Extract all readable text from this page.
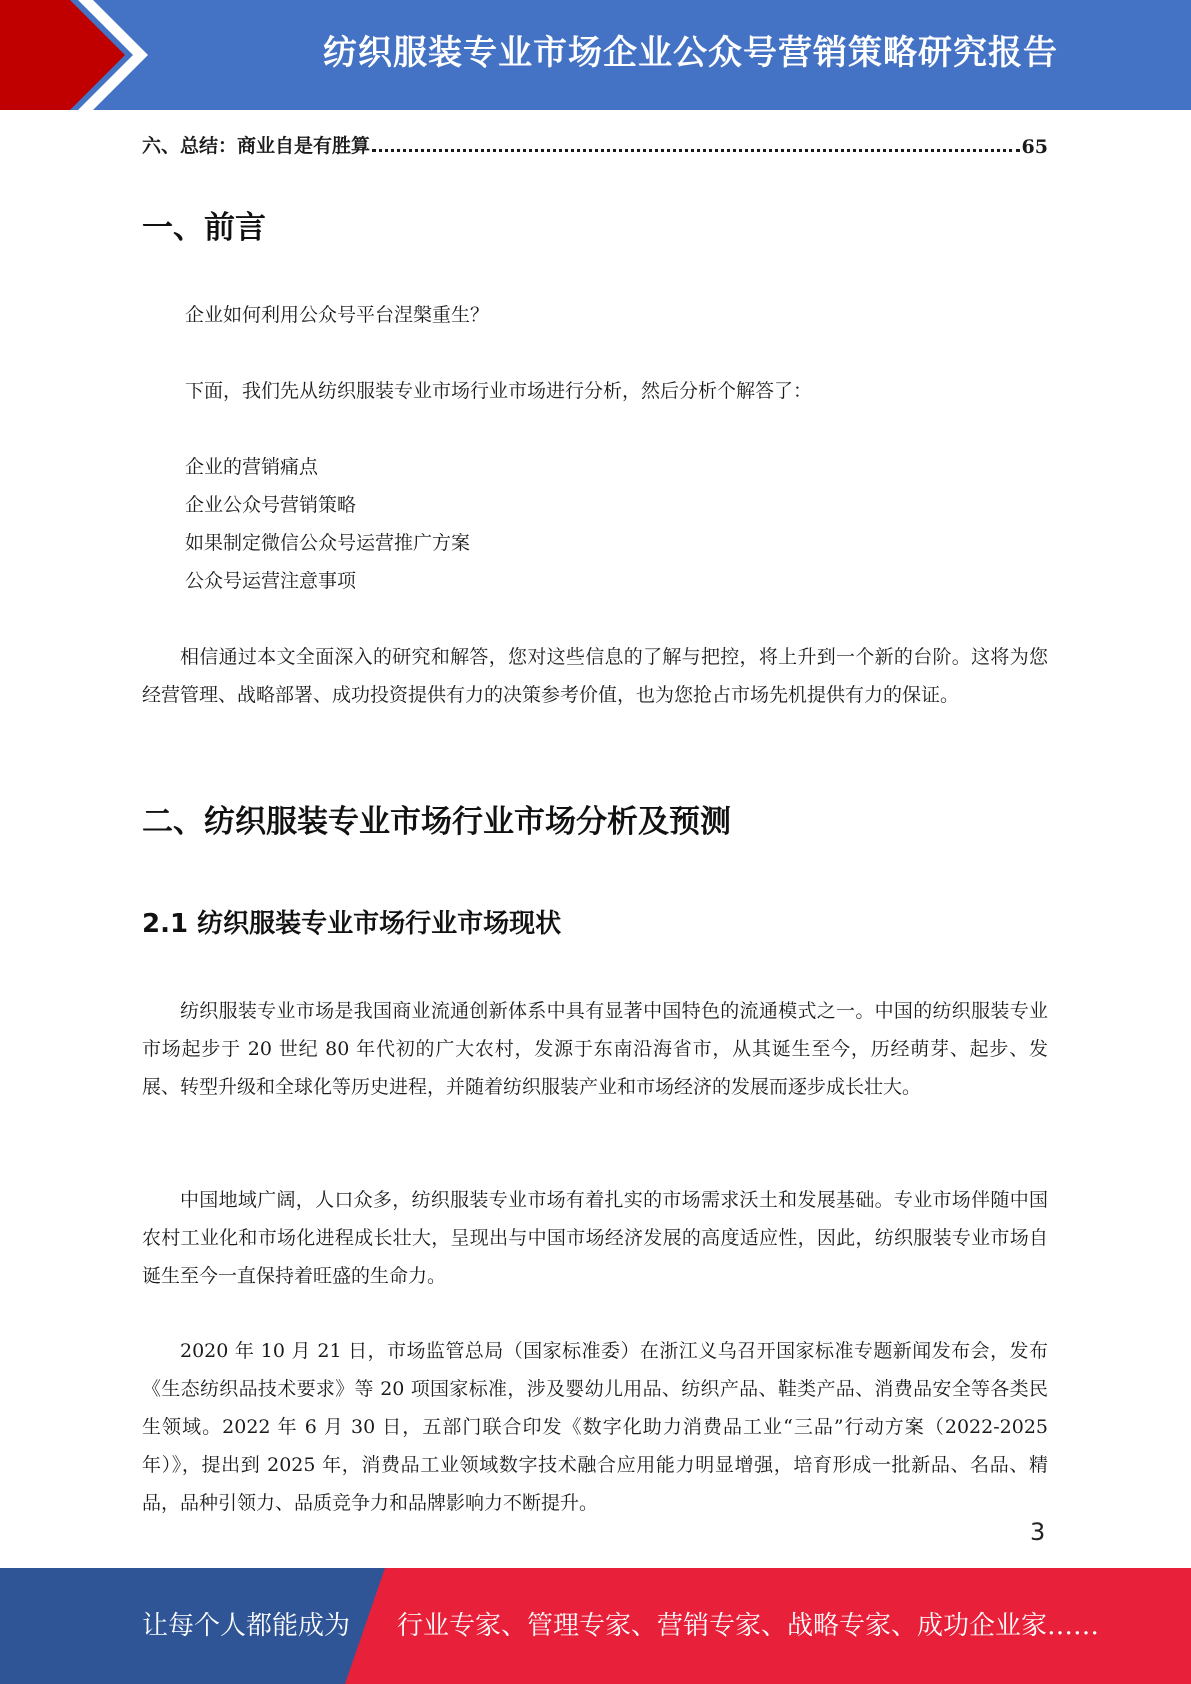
纺织服装专业市场企业公众号营销策略研究报告
六、总结：商业自是有胜算	65
一、前言
企业如何利用公众号平台涅槃重生？
下面，我们先从纺织服装专业市场行业市场进行分析，然后分析个解答了：
企业的营销痛点
企业公众号营销策略
如果制定微信公众号运营推广方案
公众号运营注意事项

相信通过本文全面深入的研究和解答，您对这些信息的了解与把控，将上升到一个新的台阶。这将为您经营管理、战略部署、成功投资提供有力的决策参考价值，也为您抢占市场先机提供有力的保证。

二、纺织服装专业市场行业市场分析及预测
2.1 纺织服装专业市场行业市场现状

纺织服装专业市场是我国商业流通创新体系中具有显著中国特色的流通模式之一。中国的纺织服装专业市场起步于 20 世纪 80 年代初的广大农村，发源于东南沿海省市，从其诞生至今，历经萌芽、起步、发展、转型升级和全球化等历史进程，并随着纺织服装产业和市场经济的发展而逐步成长壮大。

中国地域广阔，人口众多，纺织服装专业市场有着扎实的市场需求沃土和发展基础。专业市场伴随中国农村工业化和市场化进程成长壮大，呈现出与中国市场经济发展的高度适应性，因此，纺织服装专业市场自诞生至今一直保持着旺盛的生命力。

2020 年 10 月 21 日，市场监管总局（国家标准委）在浙江义乌召开国家标准专题新闻发布会，发布《生态纺织品技术要求》等 20 项国家标准，涉及婴幼儿用品、纺织产品、鞋类产品、消费品安全等各类民生领域。2022 年 6 月 30 日，五部门联合印发《数字化助力消费品工业“三品”行动方案（2022-2025 年）》，提出到 2025 年，消费品工业领域数字技术融合应用能力明显增强，培育形成一批新品、名品、精品，品种引领力、品质竞争力和品牌影响力不断提升。

3
让每个人都能成为 行业专家、管理专家、营销专家、战略专家、成功企业家……
